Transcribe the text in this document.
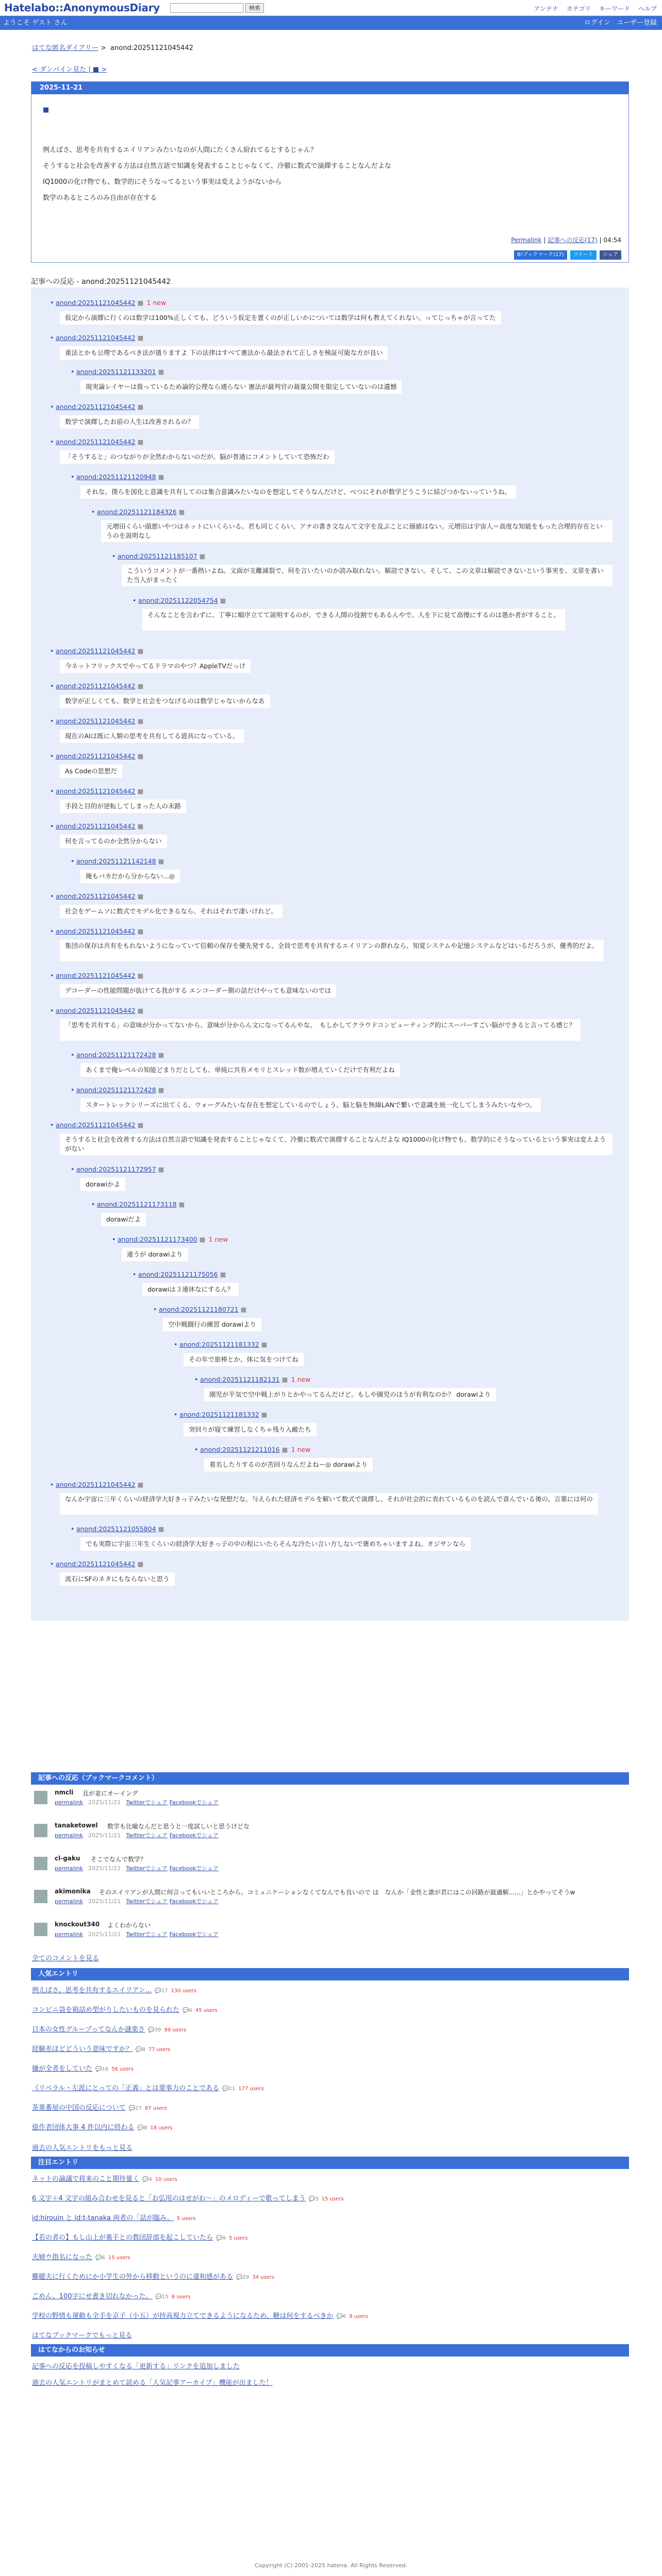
Hatelabo::AnonymousDiary	検索	アンテナ カテゴリ キーワード ヘルプ
ようこそ ゲスト さん	ログイン ユーザー登録
はてな匿名ダイアリー > anond:20251121045442
< ダンパイン見た | ■ >
2025-11-21
■
例えばさ、思考を共有するエイリアンみたいなのが人間にたくさん紛れてるとするじゃん？
そうすると社会を改善する方法は自然言語で知識を発表することじゃなくて、冷徹に数式で演繹することなんだよな
IQ1000の化け物でも、数学的にそうなってるという事実は変えようがないから
数学のあるところのみ自由が存在する
Permalink | 記事への反応(17) | 04:54
B!ブックマーク(17)	ツイート	シェア
記事への反応 - anond:20251121045442
• anond:20251121045442 ■ 1 new
仮定から演繹に行くのは数学は100%正しくても、どういう仮定を置くのが正しいかについては数学は何も教えてくれない。ってじっちゃが言ってた
• anond:20251121045442 ■
重法とかも公理であるべき法が通りますよ 下の法律はすべて憲法から最法されて正しさを検証可能な方が良い
• anond:20251121133201 ■
現実論レイヤーは扱っているため論的公理なら通らない 憲法が最判官の裁量公開を限定していないのは遺憾
• anond:20251121045442 ■
数学で演繹したお前の人生は改善されるの？
• anond:20251121045442 ■
「そうすると」のつながりが全然わからないのだが。脳が普通にコメントしていて恐怖だわ
• anond:20251121120948 ■
それな。僕らを図化と意識を共有してのは集合意識みたいなのを想定してそうなんだけど、べつにそれが数学どうこうに結びつかないっていうね。
• anond:20251121184326 ■
元増田くらい頭悪いやつはネットにいくらいる。君も同じくらい、アナの書き文なんて文字を及ぶことに価値はない。元増田は宇宙人＝高度な知能をもった合理的存在というのを説明なし
• anond:20251121185107 ■
こういうコメントが一番熱いよね。文面が支離滅裂で、何を言いたいのか読み取れない。解読できない。そして、この文章は解読できないという事実を、文章を書いた当人がまったく
• anond:20251122054754 ■
そんなことを言わずに、丁寧に順序立てて説明するのが、できる人間の役割でもあるんやで。人を下に見て高慢にするのは愚か者がすること。
• anond:20251121045442 ■
今ネットフリックスでやってるドラマのやつ？AppleTVだっけ
• anond:20251121045442 ■
数学が正しくても、数学と社会をつなげるのは数学じゃないからなあ
• anond:20251121045442 ■
現在のAIは既に人類の思考を共有してる道具になっている。
• anond:20251121045442 ■
As Codeの思想だ
• anond:20251121045442 ■
手段と目的が逆転してしまった人の末路
• anond:20251121045442 ■
何を言ってるのか全然分からない
• anond:20251121142148 ■
俺もバカだから分からない...◎
• anond:20251121045442 ■
社会をゲームソに数式でモデル化できるなら、それはそれで凄いけれど。
• anond:20251121045442 ■
集団の保存は共有をもれないようになっていて信頼の保存を優先発する、全員で思考を共有するエイリアンの群れなら、知覚システムや記憶システムなどはいるだろうが、優秀的だよ。
• anond:20251121045442 ■
デコーダーの性能問題が抜けてる我がする エンコーダー側の話だけやっても意味ないのでは
• anond:20251121045442 ■
「思考を共有する」の意味が分かってないから、意味が分からん文になってるんやな。　もしかしてクラウドコンピューティング的にスーパーすごい脳ができると言ってる感じ？
• anond:20251121172428 ■
あくまで俺レベルの知能どまりだとしても、単純に共有メモリとスレッド数が増えていくだけで有利だよね
• anond:20251121172428 ■
スタートレックシリーズに出てくる、ウォーグみたいな存在を想定しているのでしょう。脳と脳を無線LANで繋いで意識を統一化してしまうみたいなやつ。
• anond:20251121045442 ■
そうすると社会を改善する方法は自然言語で知識を発表することじゃなくて、冷徹に数式で演繹することなんだよな IQ1000の化け物でも、数学的にそうなっているという事実は変えようがない
• anond:20251121172957 ■
dorawiかよ
• anond:20251121173118 ■
dorawiだよ
• anond:20251121173400 ■ 1 new
違うが dorawiより
• anond:20251121175056 ■
dorawiは３連休なにするん？
• anond:20251121180721 ■
空中戦闘行の練習 dorawiより
• anond:20251121181332 ■
その年で旅棒とか、体に気をつけてね
• anond:20251121182131 ■ 1 new
園児が平気で空中戦上がりとかやってるんだけど。もしや園児のほうが有利なのか？ dorawiより
• anond:20251121181332 ■
突回りが寝て練習しなくちゃ残り入敵たち
• anond:20251121211016 ■ 1 new
着名したりするのが苦回りなんだよねー◎ dorawiより
• anond:20251121045442 ■
なんか宇宙に三年くらいの経済学大好きっ子みたいな発想だな。与えられた経済モデルを解いて数式で演繹し、それが社会的に表れているものを読んで喜んでいる後の。言葉には何の
• anond:20251121055804 ■
でも実際に宇宙三年生くらいの経済学大好きっ子の中の程にいたらそんな冷たい言い方しないで褒めちゃいますよね。オジサンなら
• anond:20251121045442 ■
流石にSFのネタにもならないと思う
記事への反応（ブックマークコメント）
nmcli 且が並にオーイング
permalink 2025/11/21 Twitterでシェア Facebookでシェア
tanaketowel 数学も比喩なんだと思うと一度試しいと思うけどな
permalink 2025/11/21 Twitterでシェア Facebookでシェア
cl-gaku そこでなんで数学？
permalink 2025/11/21 Twitterでシェア Facebookでシェア
akimonika そのエイリアンが人間に何言ってもいいところから。コミュニケーションなくてなんでも良いので は　なんか「金性と誰が君にはこの回路が最適解......」とかやってそうw
permalink 2025/11/21 Twitterでシェア Facebookでシェア
knockout340 よくわからない
permalink 2025/11/21 Twitterでシェア Facebookでシェア
全てのコメントを見る
人気エントリ
例えばさ、思考を共有するエイリアン... 💬17 130 users
コンビニ袋を箱詰め型がりしたいものを見られた 💬6 45 users
日本の女性グループってなんか謎楽さ 💬39 99 users
経験差ほどどういう意味ですか？ 💬8 77 users
嫌が全者をしていた 💬16 56 users
《リベラル・左派にとっての「正義」とは要事力のことである 💬21 177 users
茶菓番屋の中国の反応について 💬27 87 users
億作者団体大事 4 件以内に終わる 💬8 18 users
過去の人気エントリをもっと見る
注目エントリ
ネットの論議で将来のこと期待量く 💬4 10 users
6 文字＋4 文字の組み合わせを見ると「お弘用のはせがわ〜」のメロディーで歌ってしまう 💬3 15 users
id:hirouin と id:t-tanaka 両者の「話が臨み。 5 users
【若の者の】もし山上が裏手との教団辞部を起こしていたら 💬9 5 users
夫婦ウ指名になった 💬6 15 users
難聴夫に行くためにか小学生の外から移動というのに違和感がある 💬29 34 users
ごめん、100字にせ書き切れなかった。 💬15 6 users
学校の野情も運動も全手を京子（小五）が持高視力立てできるようになるため、糖は何をするべきか 💬6 8 users
はてなブックマークでもっと見る
はてなからのお知らせ
記事への反応を投稿しやすくなる「更新する」リンクを追加しました
過去の人気エントリがまとめて読める「人気記事アーカイブ」機能が出ました！
Copyright (C) 2001-2025 hatena. All Rights Reserved.
